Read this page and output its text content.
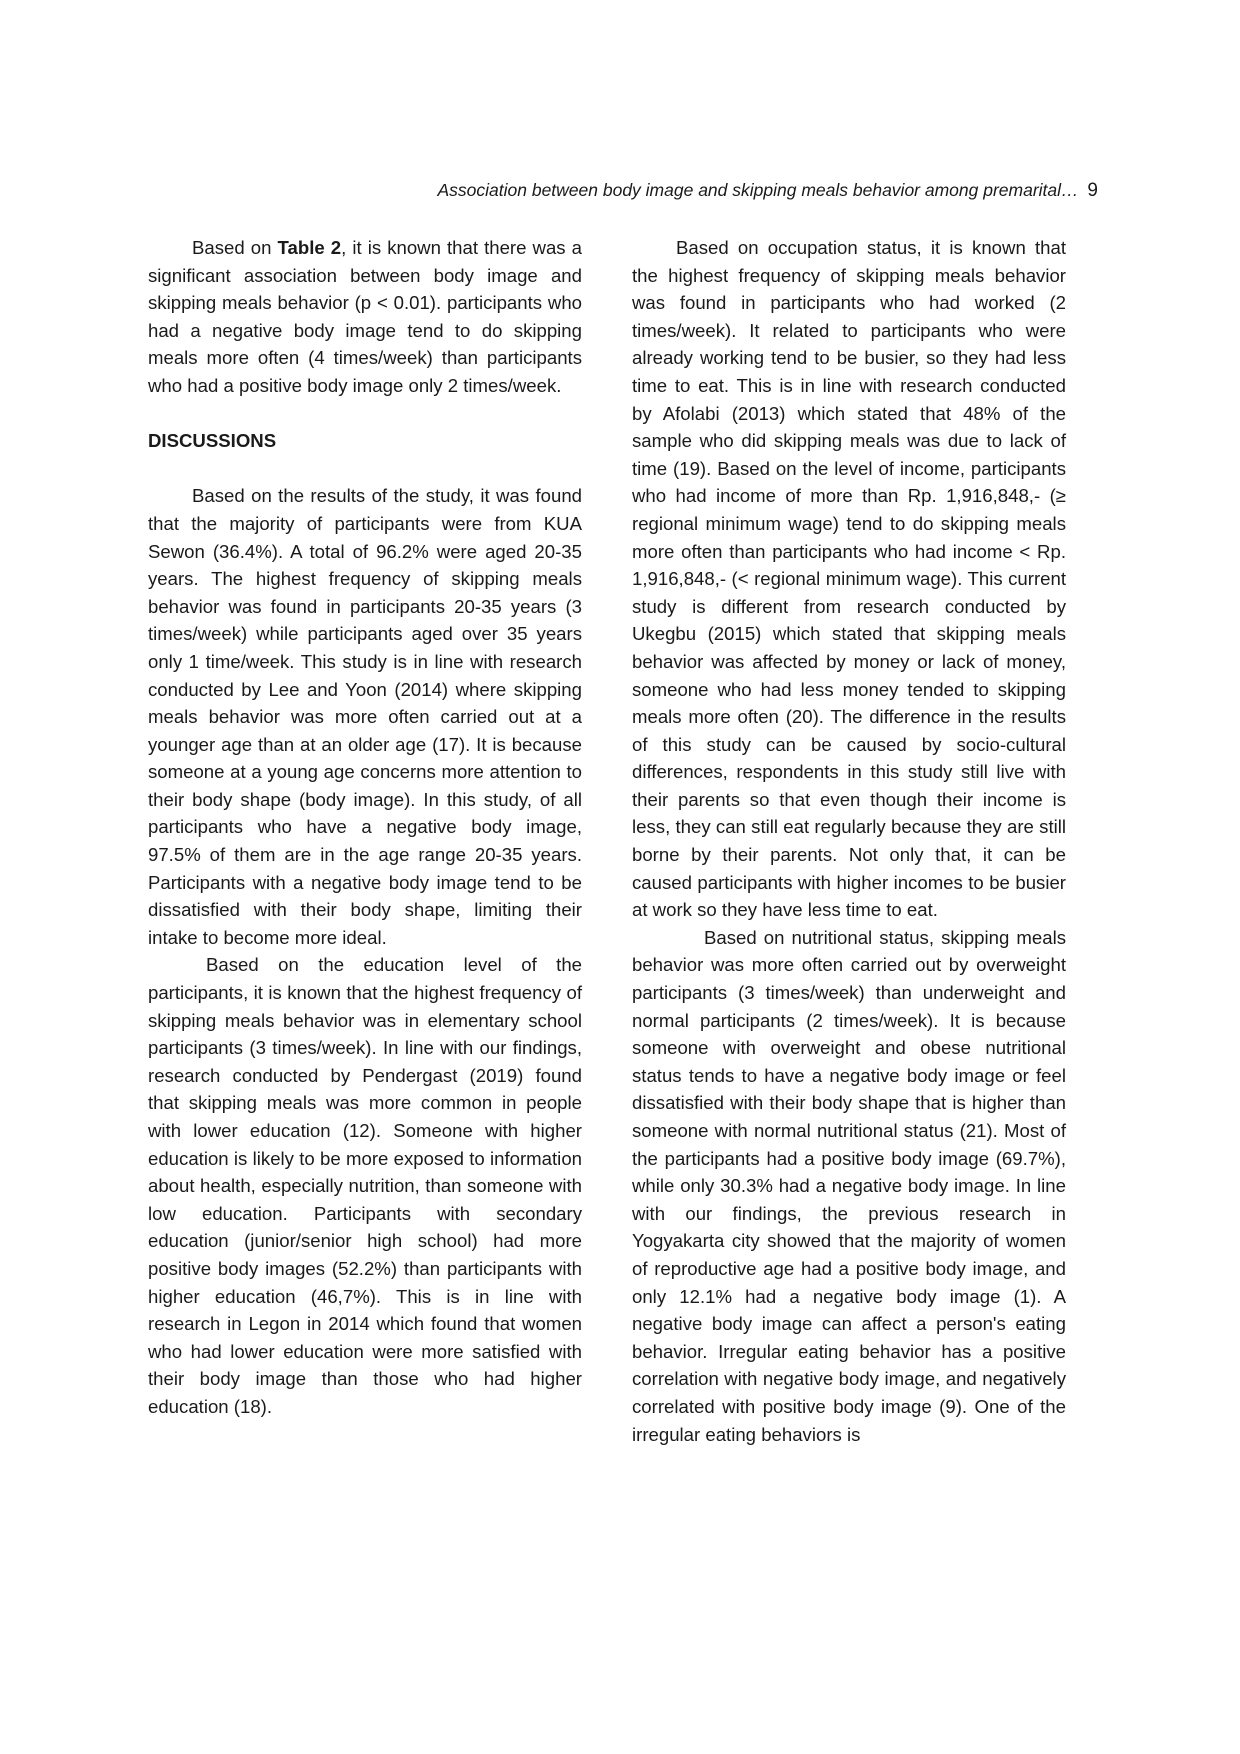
Association between body image and skipping meals behavior among premarital… 9

Based on Table 2, it is known that there was a significant association between body image and skipping meals behavior (p < 0.01). participants who had a negative body image tend to do skipping meals more often (4 times/week) than participants who had a positive body image only 2 times/week.

DISCUSSIONS

Based on the results of the study, it was found that the majority of participants were from KUA Sewon (36.4%). A total of 96.2% were aged 20-35 years. The highest frequency of skipping meals behavior was found in participants 20-35 years (3 times/week) while participants aged over 35 years only 1 time/week. This study is in line with research conducted by Lee and Yoon (2014) where skipping meals behavior was more often carried out at a younger age than at an older age (17). It is because someone at a young age concerns more attention to their body shape (body image). In this study, of all participants who have a negative body image, 97.5% of them are in the age range 20-35 years. Participants with a negative body image tend to be dissatisfied with their body shape, limiting their intake to become more ideal.

Based on the education level of the participants, it is known that the highest frequency of skipping meals behavior was in elementary school participants (3 times/week). In line with our findings, research conducted by Pendergast (2019) found that skipping meals was more common in people with lower education (12). Someone with higher education is likely to be more exposed to information about health, especially nutrition, than someone with low education. Participants with secondary education (junior/senior high school) had more positive body images (52.2%) than participants with higher education (46,7%). This is in line with research in Legon in 2014 which found that women who had lower education were more satisfied with their body image than those who had higher education (18).

Based on occupation status, it is known that the highest frequency of skipping meals behavior was found in participants who had worked (2 times/week). It related to participants who were already working tend to be busier, so they had less time to eat. This is in line with research conducted by Afolabi (2013) which stated that 48% of the sample who did skipping meals was due to lack of time (19). Based on the level of income, participants who had income of more than Rp. 1,916,848,- (≥ regional minimum wage) tend to do skipping meals more often than participants who had income < Rp. 1,916,848,- (< regional minimum wage). This current study is different from research conducted by Ukegbu (2015) which stated that skipping meals behavior was affected by money or lack of money, someone who had less money tended to skipping meals more often (20). The difference in the results of this study can be caused by socio-cultural differences, respondents in this study still live with their parents so that even though their income is less, they can still eat regularly because they are still borne by their parents. Not only that, it can be caused participants with higher incomes to be busier at work so they have less time to eat.

Based on nutritional status, skipping meals behavior was more often carried out by overweight participants (3 times/week) than underweight and normal participants (2 times/week). It is because someone with overweight and obese nutritional status tends to have a negative body image or feel dissatisfied with their body shape that is higher than someone with normal nutritional status (21). Most of the participants had a positive body image (69.7%), while only 30.3% had a negative body image. In line with our findings, the previous research in Yogyakarta city showed that the majority of women of reproductive age had a positive body image, and only 12.1% had a negative body image (1). A negative body image can affect a person's eating behavior. Irregular eating behavior has a positive correlation with negative body image, and negatively correlated with positive body image (9). One of the irregular eating behaviors is
